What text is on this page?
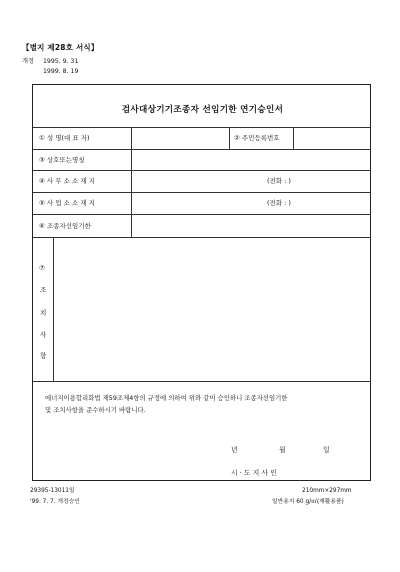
【별지 제28호 서식】
개정 1995. 9. 31
1999. 8. 19
검사대상기기조종자 선임기한 연기승인서
① 성 명(대 표 자)	② 주민등록번호
③ 상호또는명칭
④ 사 무 소 소 재 지	(전화 : )
⑤ 사 업 소 소 재 지	(전화 : )
⑥ 조종자선임기한
⑦
조
치
사
항
에너지이용합리화법 제59조제4항의 규정에 의하여 위와 같이 승인하니 조종자선임기한
및 조치사항을 준수하시기 바랍니다.
년	월	일
시 · 도 지 사 인
29395-13011일	210mm×297mm
'99. 7. 7. 개정승인	일반용지 60 g/㎡(재활용품)
